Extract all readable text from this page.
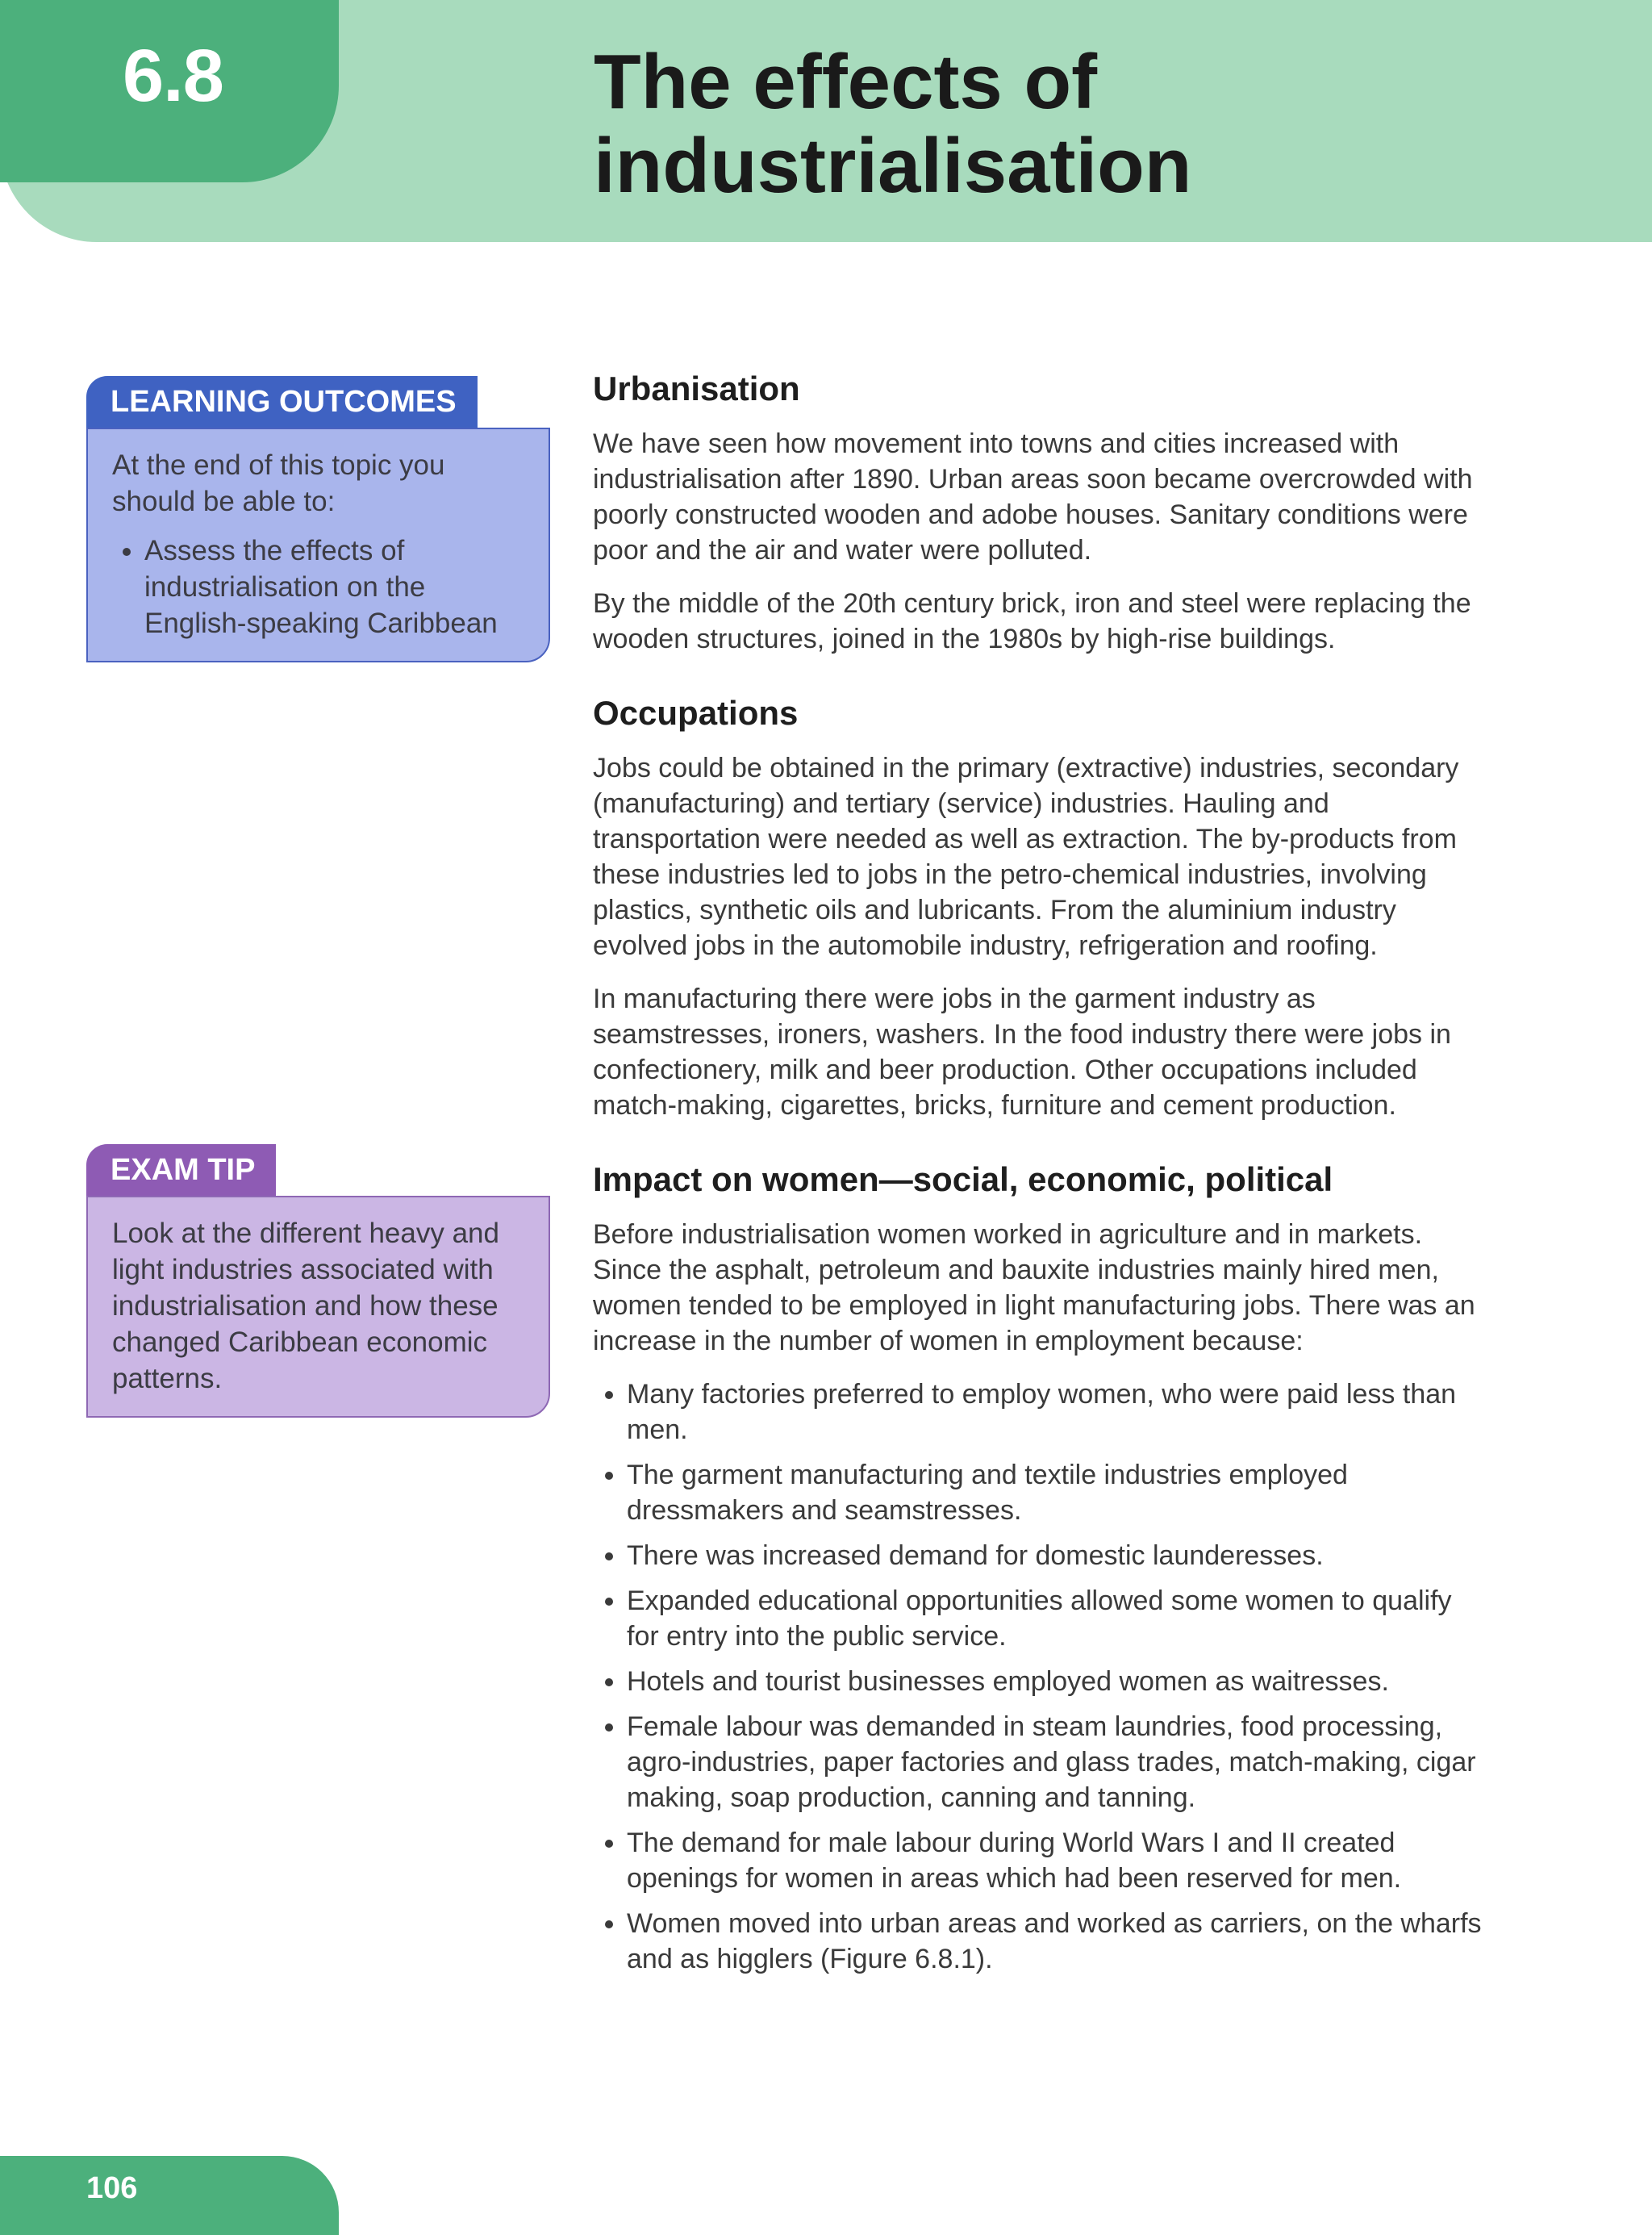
6.8	The effects of industrialisation
LEARNING OUTCOMES

At the end of this topic you should be able to:

• Assess the effects of industrialisation on the English-speaking Caribbean
EXAM TIP

Look at the different heavy and light industries associated with industrialisation and how these changed Caribbean economic patterns.

Urbanisation

We have seen how movement into towns and cities increased with industrialisation after 1890. Urban areas soon became overcrowded with poorly constructed wooden and adobe houses. Sanitary conditions were poor and the air and water were polluted.

By the middle of the 20th century brick, iron and steel were replacing the wooden structures, joined in the 1980s by high-rise buildings.

Occupations

Jobs could be obtained in the primary (extractive) industries, secondary (manufacturing) and tertiary (service) industries. Hauling and transportation were needed as well as extraction. The by-products from these industries led to jobs in the petro-chemical industries, involving plastics, synthetic oils and lubricants. From the aluminium industry evolved jobs in the automobile industry, refrigeration and roofing.

In manufacturing there were jobs in the garment industry as seamstresses, ironers, washers. In the food industry there were jobs in confectionery, milk and beer production. Other occupations included match-making, cigarettes, bricks, furniture and cement production.

Impact on women—social, economic, political

Before industrialisation women worked in agriculture and in markets. Since the asphalt, petroleum and bauxite industries mainly hired men, women tended to be employed in light manufacturing jobs. There was an increase in the number of women in employment because:

• Many factories preferred to employ women, who were paid less than men.
• The garment manufacturing and textile industries employed dressmakers and seamstresses.
• There was increased demand for domestic launderesses.
• Expanded educational opportunities allowed some women to qualify for entry into the public service.
• Hotels and tourist businesses employed women as waitresses.
• Female labour was demanded in steam laundries, food processing, agro-industries, paper factories and glass trades, match-making, cigar making, soap production, canning and tanning.
• The demand for male labour during World Wars I and II created openings for women in areas which had been reserved for men.
• Women moved into urban areas and worked as carriers, on the wharfs and as higglers (Figure 6.8.1).
106
